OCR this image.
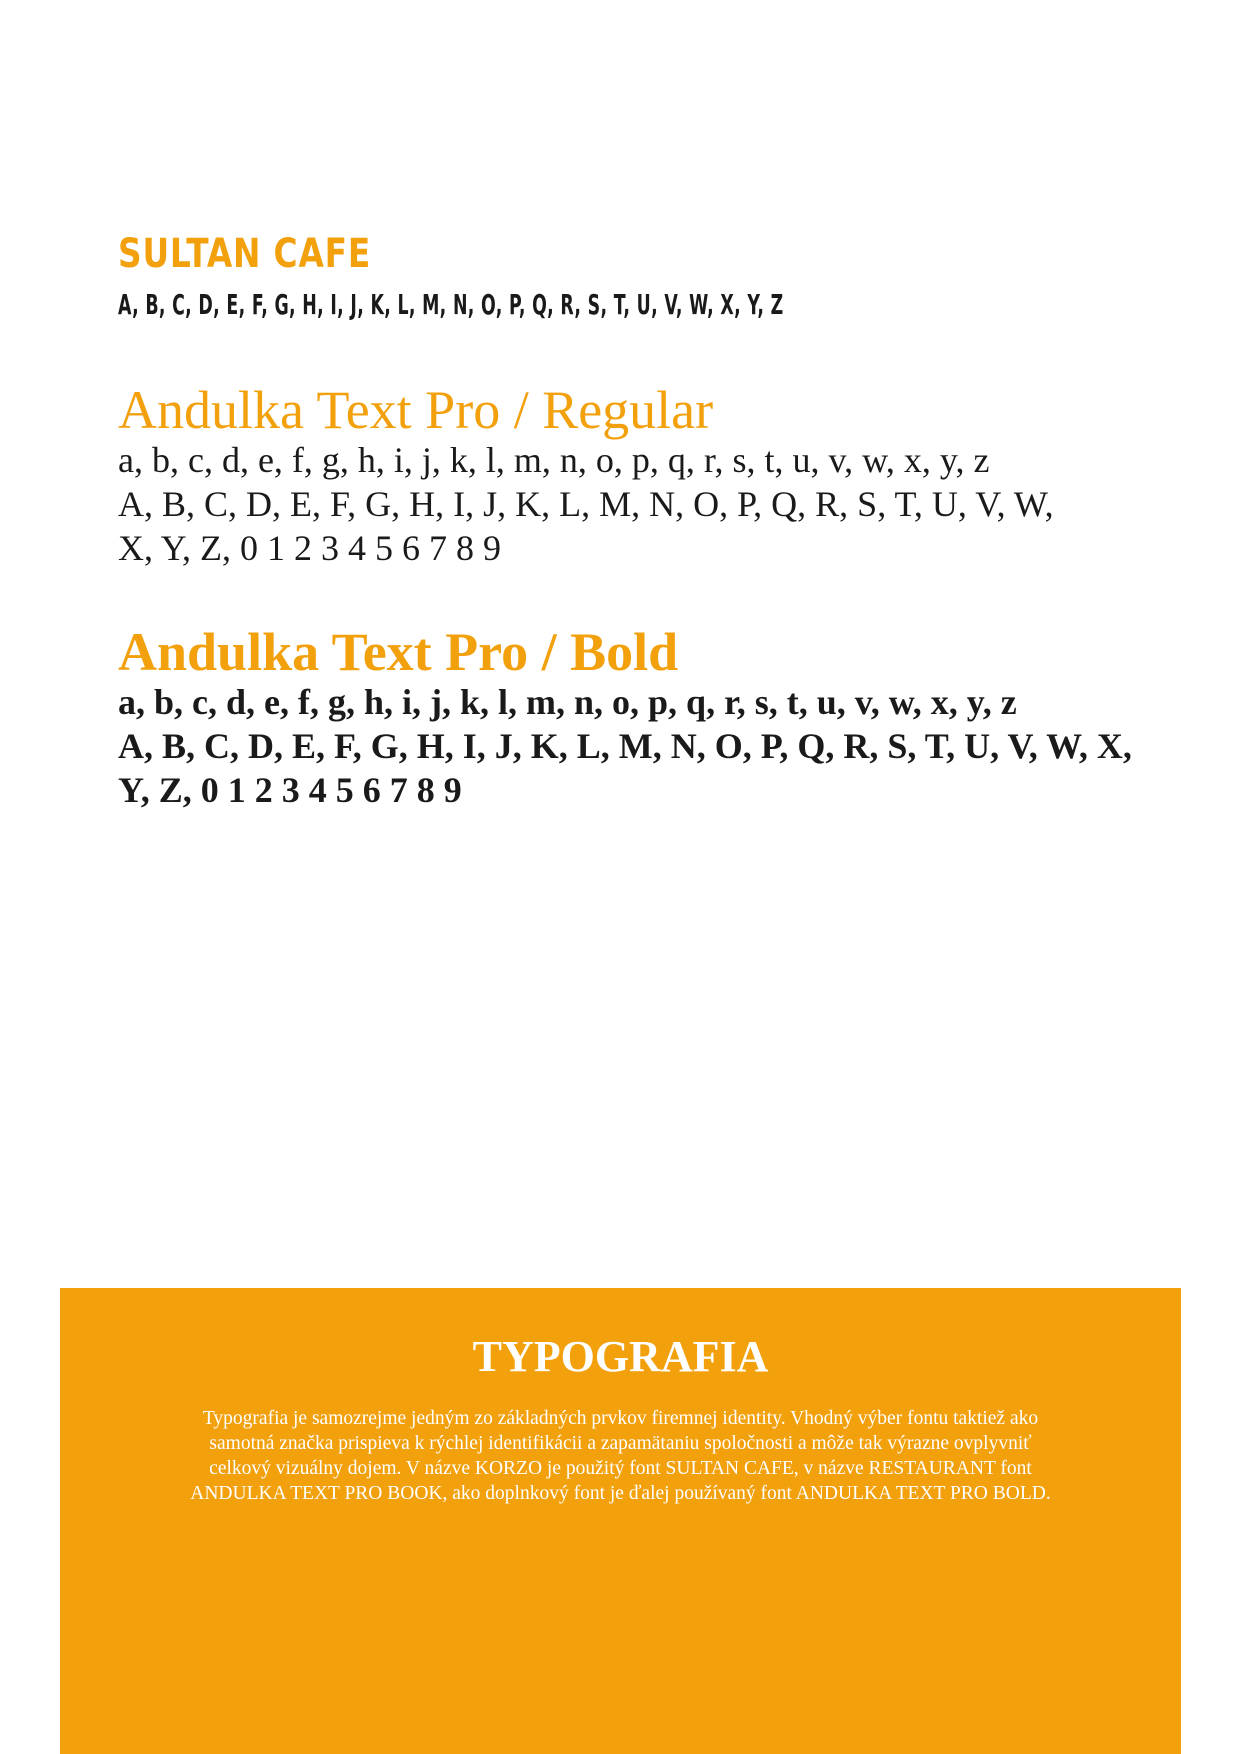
SULTAN CAFE
A, B, C, D, E, F, G, H, I, J, K, L, M, N, O, P, Q, R, S, T, U, V, W, X, Y, Z
Andulka Text Pro / Regular
a, b, c, d, e, f, g, h, i, j, k, l, m, n, o, p, q, r, s, t, u, v, w, x, y, z
A, B, C, D, E, F, G, H, I, J, K, L, M, N, O, P, Q, R, S, T, U, V, W,
X, Y, Z, 0 1 2 3 4 5 6 7 8 9
Andulka Text Pro / Bold
a, b, c, d, e, f, g, h, i, j, k, l, m, n, o, p, q, r, s, t, u, v, w, x, y, z
A, B, C, D, E, F, G, H, I, J, K, L, M, N, O, P, Q, R, S, T, U, V, W, X,
Y, Z, 0 1 2 3 4 5 6 7 8 9
TYPOGRAFIA
Typografia je samozrejme jedným zo základných prvkov firemnej identity. Vhodný výber fontu taktiež ako
samotná značka prispieva k rýchlej identifikácii a zapamätaniu spoločnosti a môže tak výrazne ovplyvniť
celkový vizuálny dojem. V názve KORZO je použitý font SULTAN CAFE, v názve RESTAURANT font
ANDULKA TEXT PRO BOOK, ako doplnkový font je ďalej používaný font ANDULKA TEXT PRO BOLD.
